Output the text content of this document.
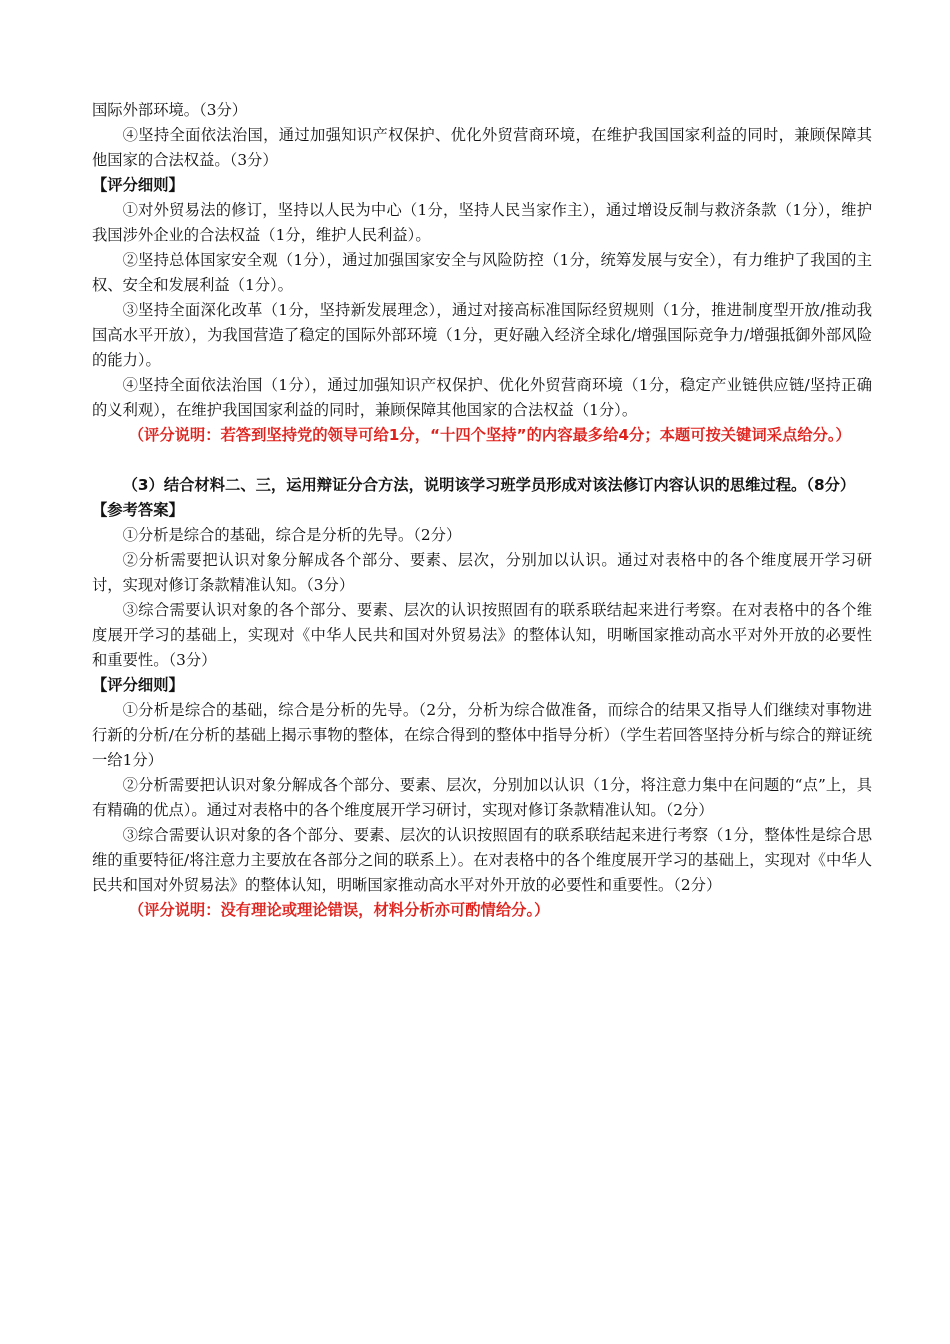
国际外部环境。（3分）

④坚持全面依法治国，通过加强知识产权保护、优化外贸营商环境，在维护我国国家利益的同时，兼顾保障其他国家的合法权益。（3分）

【评分细则】

①对外贸易法的修订，坚持以人民为中心（1分，坚持人民当家作主），通过增设反制与救济条款（1分），维护我国涉外企业的合法权益（1分，维护人民利益）。

②坚持总体国家安全观（1分），通过加强国家安全与风险防控（1分，统筹发展与安全），有力维护了我国的主权、安全和发展利益（1分）。

③坚持全面深化改革（1分，坚持新发展理念），通过对接高标准国际经贸规则（1分，推进制度型开放/推动我国高水平开放），为我国营造了稳定的国际外部环境（1分，更好融入经济全球化/增强国际竞争力/增强抵御外部风险的能力）。

④坚持全面依法治国（1分），通过加强知识产权保护、优化外贸营商环境（1分，稳定产业链供应链/坚持正确的义利观），在维护我国国家利益的同时，兼顾保障其他国家的合法权益（1分）。

（评分说明：若答到坚持党的领导可给1分，“十四个坚持”的内容最多给4分；本题可按关键词采点给分。）

（3）结合材料二、三，运用辩证分合方法，说明该学习班学员形成对该法修订内容认识的思维过程。（8分）

【参考答案】

①分析是综合的基础，综合是分析的先导。（2分）

②分析需要把认识对象分解成各个部分、要素、层次，分别加以认识。通过对表格中的各个维度展开学习研讨，实现对修订条款精准认知。（3分）

③综合需要认识对象的各个部分、要素、层次的认识按照固有的联系联结起来进行考察。在对表格中的各个维度展开学习的基础上，实现对《中华人民共和国对外贸易法》的整体认知，明晰国家推动高水平对外开放的必要性和重要性。（3分）

【评分细则】

①分析是综合的基础，综合是分析的先导。（2分，分析为综合做准备，而综合的结果又指导人们继续对事物进行新的分析/在分析的基础上揭示事物的整体，在综合得到的整体中指导分析）（学生若回答坚持分析与综合的辩证统一给1分）

②分析需要把认识对象分解成各个部分、要素、层次，分别加以认识（1分，将注意力集中在问题的“点”上，具有精确的优点）。通过对表格中的各个维度展开学习研讨，实现对修订条款精准认知。（2分）

③综合需要认识对象的各个部分、要素、层次的认识按照固有的联系联结起来进行考察（1分，整体性是综合思维的重要特征/将注意力主要放在各部分之间的联系上）。在对表格中的各个维度展开学习的基础上，实现对《中华人民共和国对外贸易法》的整体认知，明晰国家推动高水平对外开放的必要性和重要性。（2分）

（评分说明：没有理论或理论错误，材料分析亦可酌情给分。）
